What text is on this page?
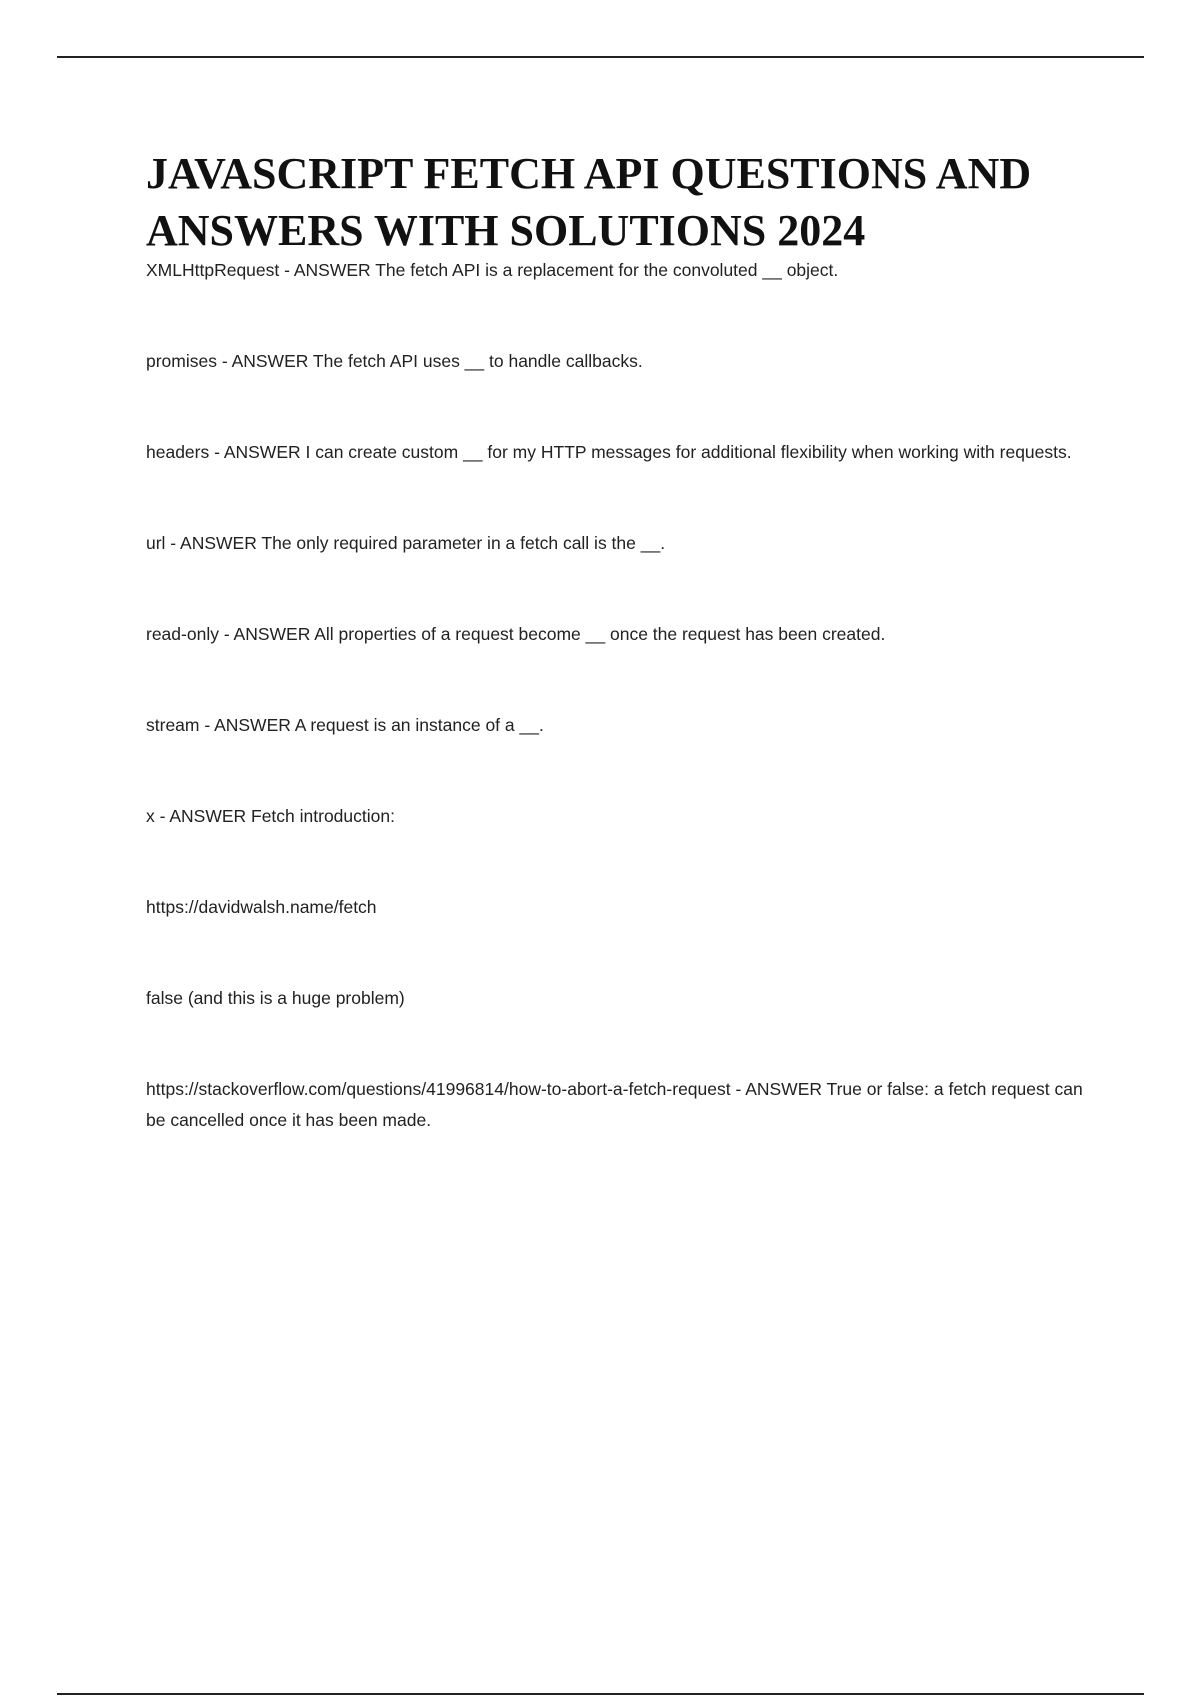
JAVASCRIPT FETCH API QUESTIONS AND ANSWERS WITH SOLUTIONS 2024
XMLHttpRequest - ANSWER The fetch API is a replacement for the convoluted __ object.
promises - ANSWER The fetch API uses __ to handle callbacks.
headers - ANSWER I can create custom __ for my HTTP messages for additional flexibility when working with requests.
url - ANSWER The only required parameter in a fetch call is the __.
read-only - ANSWER All properties of a request become __ once the request has been created.
stream - ANSWER A request is an instance of a __.
x - ANSWER Fetch introduction:
https://davidwalsh.name/fetch
false (and this is a huge problem)
https://stackoverflow.com/questions/41996814/how-to-abort-a-fetch-request - ANSWER True or false: a fetch request can be cancelled once it has been made.
